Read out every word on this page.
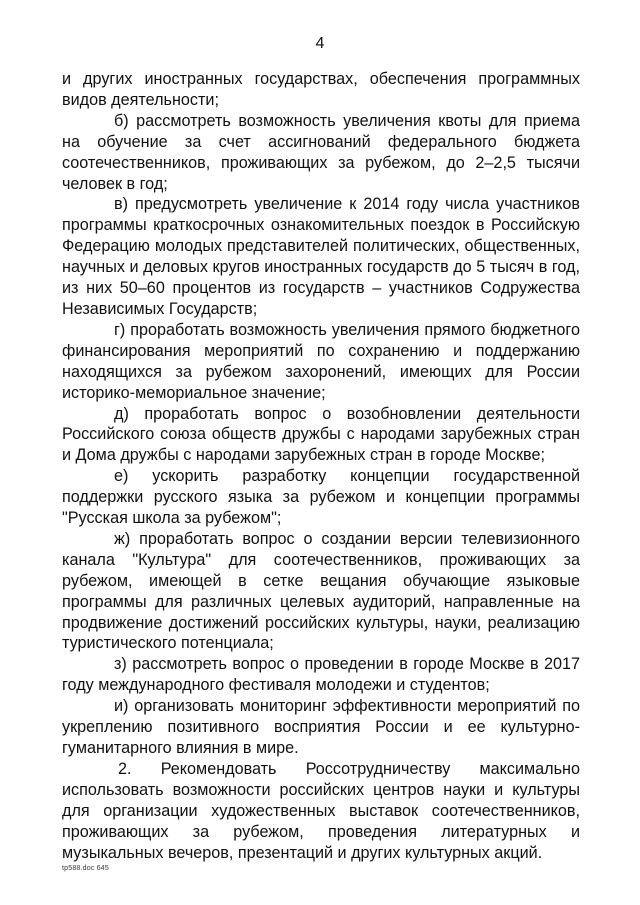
4

и других иностранных государствах, обеспечения программных видов деятельности;

б) рассмотреть возможность увеличения квоты для приема на обучение за счет ассигнований федерального бюджета соотечественников, проживающих за рубежом, до 2–2,5 тысячи человек в год;

в) предусмотреть увеличение к 2014 году числа участников программы краткосрочных ознакомительных поездок в Российскую Федерацию молодых представителей политических, общественных, научных и деловых кругов иностранных государств до 5 тысяч в год, из них 50–60 процентов из государств – участников Содружества Независимых Государств;

г) проработать возможность увеличения прямого бюджетного финансирования мероприятий по сохранению и поддержанию находящихся за рубежом захоронений, имеющих для России историко-мемориальное значение;

д) проработать вопрос о возобновлении деятельности Российского союза обществ дружбы с народами зарубежных стран и Дома дружбы с народами зарубежных стран в городе Москве;

е) ускорить разработку концепции государственной поддержки русского языка за рубежом и концепции программы "Русская школа за рубежом";

ж) проработать вопрос о создании версии телевизионного канала "Культура" для соотечественников, проживающих за рубежом, имеющей в сетке вещания обучающие языковые программы для различных целевых аудиторий, направленные на продвижение достижений российских культуры, науки, реализацию туристического потенциала;

з) рассмотреть вопрос о проведении в городе Москве в 2017 году международного фестиваля молодежи и студентов;

и) организовать мониторинг эффективности мероприятий по укреплению позитивного восприятия России и ее культурно-гуманитарного влияния в мире.

2. Рекомендовать Россотрудничеству максимально использовать возможности российских центров науки и культуры для организации художественных выставок соотечественников, проживающих за рубежом, проведения литературных и музыкальных вечеров, презентаций и других культурных акций.

tp588.doc 645
